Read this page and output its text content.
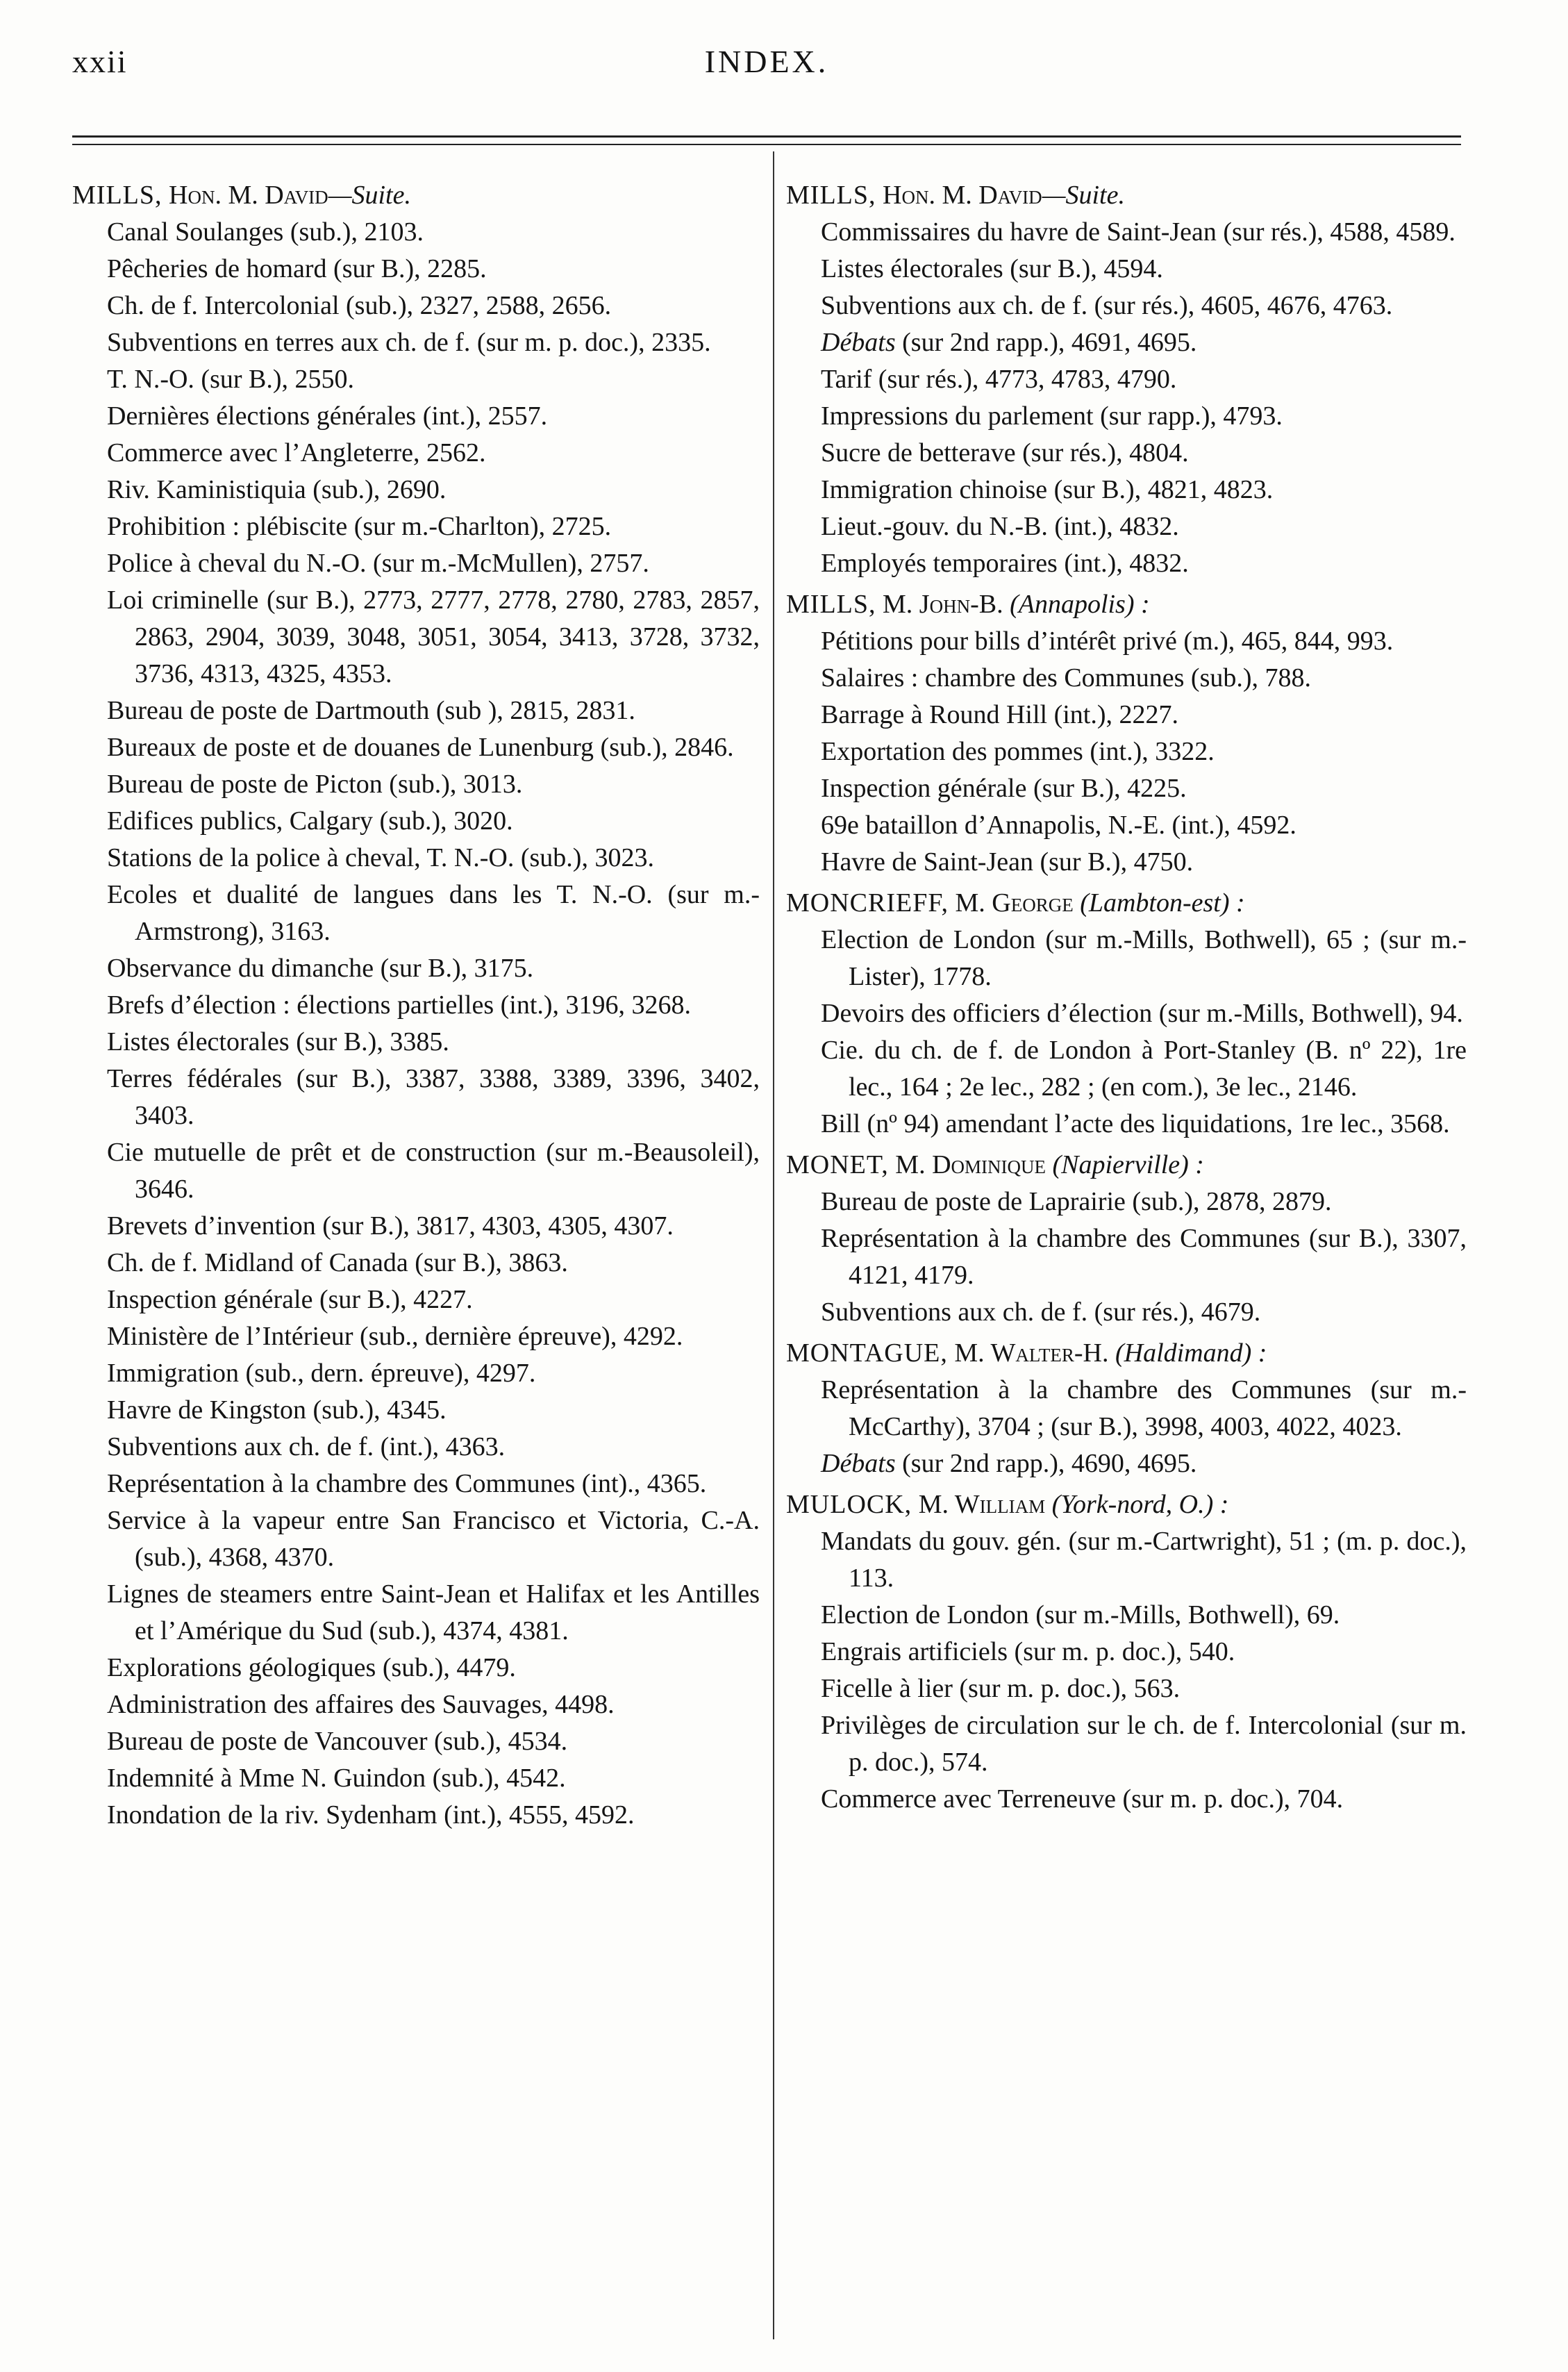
xxii	INDEX.
MILLS, Hon. M. David—Suite.
Canal Soulanges (sub.), 2103.
Pêcheries de homard (sur B.), 2285.
Ch. de f. Intercolonial (sub.), 2327, 2588, 2656.
Subventions en terres aux ch. de f. (sur m. p. doc.), 2335.
T. N.-O. (sur B.), 2550.
Dernières élections générales (int.), 2557.
Commerce avec l’Angleterre, 2562.
Riv. Kaministiquia (sub.), 2690.
Prohibition : plébiscite (sur m.-Charlton), 2725.
Police à cheval du N.-O. (sur m.-McMullen), 2757.
Loi criminelle (sur B.), 2773, 2777, 2778, 2780, 2783, 2857, 2863, 2904, 3039, 3048, 3051, 3054, 3413, 3728, 3732, 3736, 4313, 4325, 4353.
Bureau de poste de Dartmouth (sub ), 2815, 2831.
Bureaux de poste et de douanes de Lunenburg (sub.), 2846.
Bureau de poste de Picton (sub.), 3013.
Edifices publics, Calgary (sub.), 3020.
Stations de la police à cheval, T. N.-O. (sub.), 3023.
Ecoles et dualité de langues dans les T. N.-O. (sur m.-Armstrong), 3163.
Observance du dimanche (sur B.), 3175.
Brefs d’élection : élections partielles (int.), 3196, 3268.
Listes électorales (sur B.), 3385.
Terres fédérales (sur B.), 3387, 3388, 3389, 3396, 3402, 3403.
Cie mutuelle de prêt et de construction (sur m.-Beausoleil), 3646.
Brevets d’invention (sur B.), 3817, 4303, 4305, 4307.
Ch. de f. Midland of Canada (sur B.), 3863.
Inspection générale (sur B.), 4227.
Ministère de l’Intérieur (sub., dernière épreuve), 4292.
Immigration (sub., dern. épreuve), 4297.
Havre de Kingston (sub.), 4345.
Subventions aux ch. de f. (int.), 4363.
Représentation à la chambre des Communes (int)., 4365.
Service à la vapeur entre San Francisco et Victoria, C.-A. (sub.), 4368, 4370.
Lignes de steamers entre Saint-Jean et Halifax et les Antilles et l’Amérique du Sud (sub.), 4374, 4381.
Explorations géologiques (sub.), 4479.
Administration des affaires des Sauvages, 4498.
Bureau de poste de Vancouver (sub.), 4534.
Indemnité à Mme N. Guindon (sub.), 4542.
Inondation de la riv. Sydenham (int.), 4555, 4592.
MILLS, Hon. M. David—Suite.
Commissaires du havre de Saint-Jean (sur rés.), 4588, 4589.
Listes électorales (sur B.), 4594.
Subventions aux ch. de f. (sur rés.), 4605, 4676, 4763.
Débats (sur 2nd rapp.), 4691, 4695.
Tarif (sur rés.), 4773, 4783, 4790.
Impressions du parlement (sur rapp.), 4793.
Sucre de betterave (sur rés.), 4804.
Immigration chinoise (sur B.), 4821, 4823.
Lieut.-gouv. du N.-B. (int.), 4832.
Employés temporaires (int.), 4832.
MILLS, M. John-B. (Annapolis) :
Pétitions pour bills d’intérêt privé (m.), 465, 844, 993.
Salaires : chambre des Communes (sub.), 788.
Barrage à Round Hill (int.), 2227.
Exportation des pommes (int.), 3322.
Inspection générale (sur B.), 4225.
69e bataillon d’Annapolis, N.-E. (int.), 4592.
Havre de Saint-Jean (sur B.), 4750.
MONCRIEFF, M. George (Lambton-est) :
Election de London (sur m.-Mills, Bothwell), 65 ; (sur m.-Lister), 1778.
Devoirs des officiers d’élection (sur m.-Mills, Bothwell), 94.
Cie. du ch. de f. de London à Port-Stanley (B. nº 22), 1re lec., 164 ; 2e lec., 282 ; (en com.), 3e lec., 2146.
Bill (nº 94) amendant l’acte des liquidations, 1re lec., 3568.
MONET, M. Dominique (Napierville) :
Bureau de poste de Laprairie (sub.), 2878, 2879.
Représentation à la chambre des Communes (sur B.), 3307, 4121, 4179.
Subventions aux ch. de f. (sur rés.), 4679.
MONTAGUE, M. Walter-H. (Haldimand) :
Représentation à la chambre des Communes (sur m.-McCarthy), 3704 ; (sur B.), 3998, 4003, 4022, 4023.
Débats (sur 2nd rapp.), 4690, 4695.
MULOCK, M. William (York-nord, O.) :
Mandats du gouv. gén. (sur m.-Cartwright), 51 ; (m. p. doc.), 113.
Election de London (sur m.-Mills, Bothwell), 69.
Engrais artificiels (sur m. p. doc.), 540.
Ficelle à lier (sur m. p. doc.), 563.
Privilèges de circulation sur le ch. de f. Intercolonial (sur m. p. doc.), 574.
Commerce avec Terreneuve (sur m. p. doc.), 704.
